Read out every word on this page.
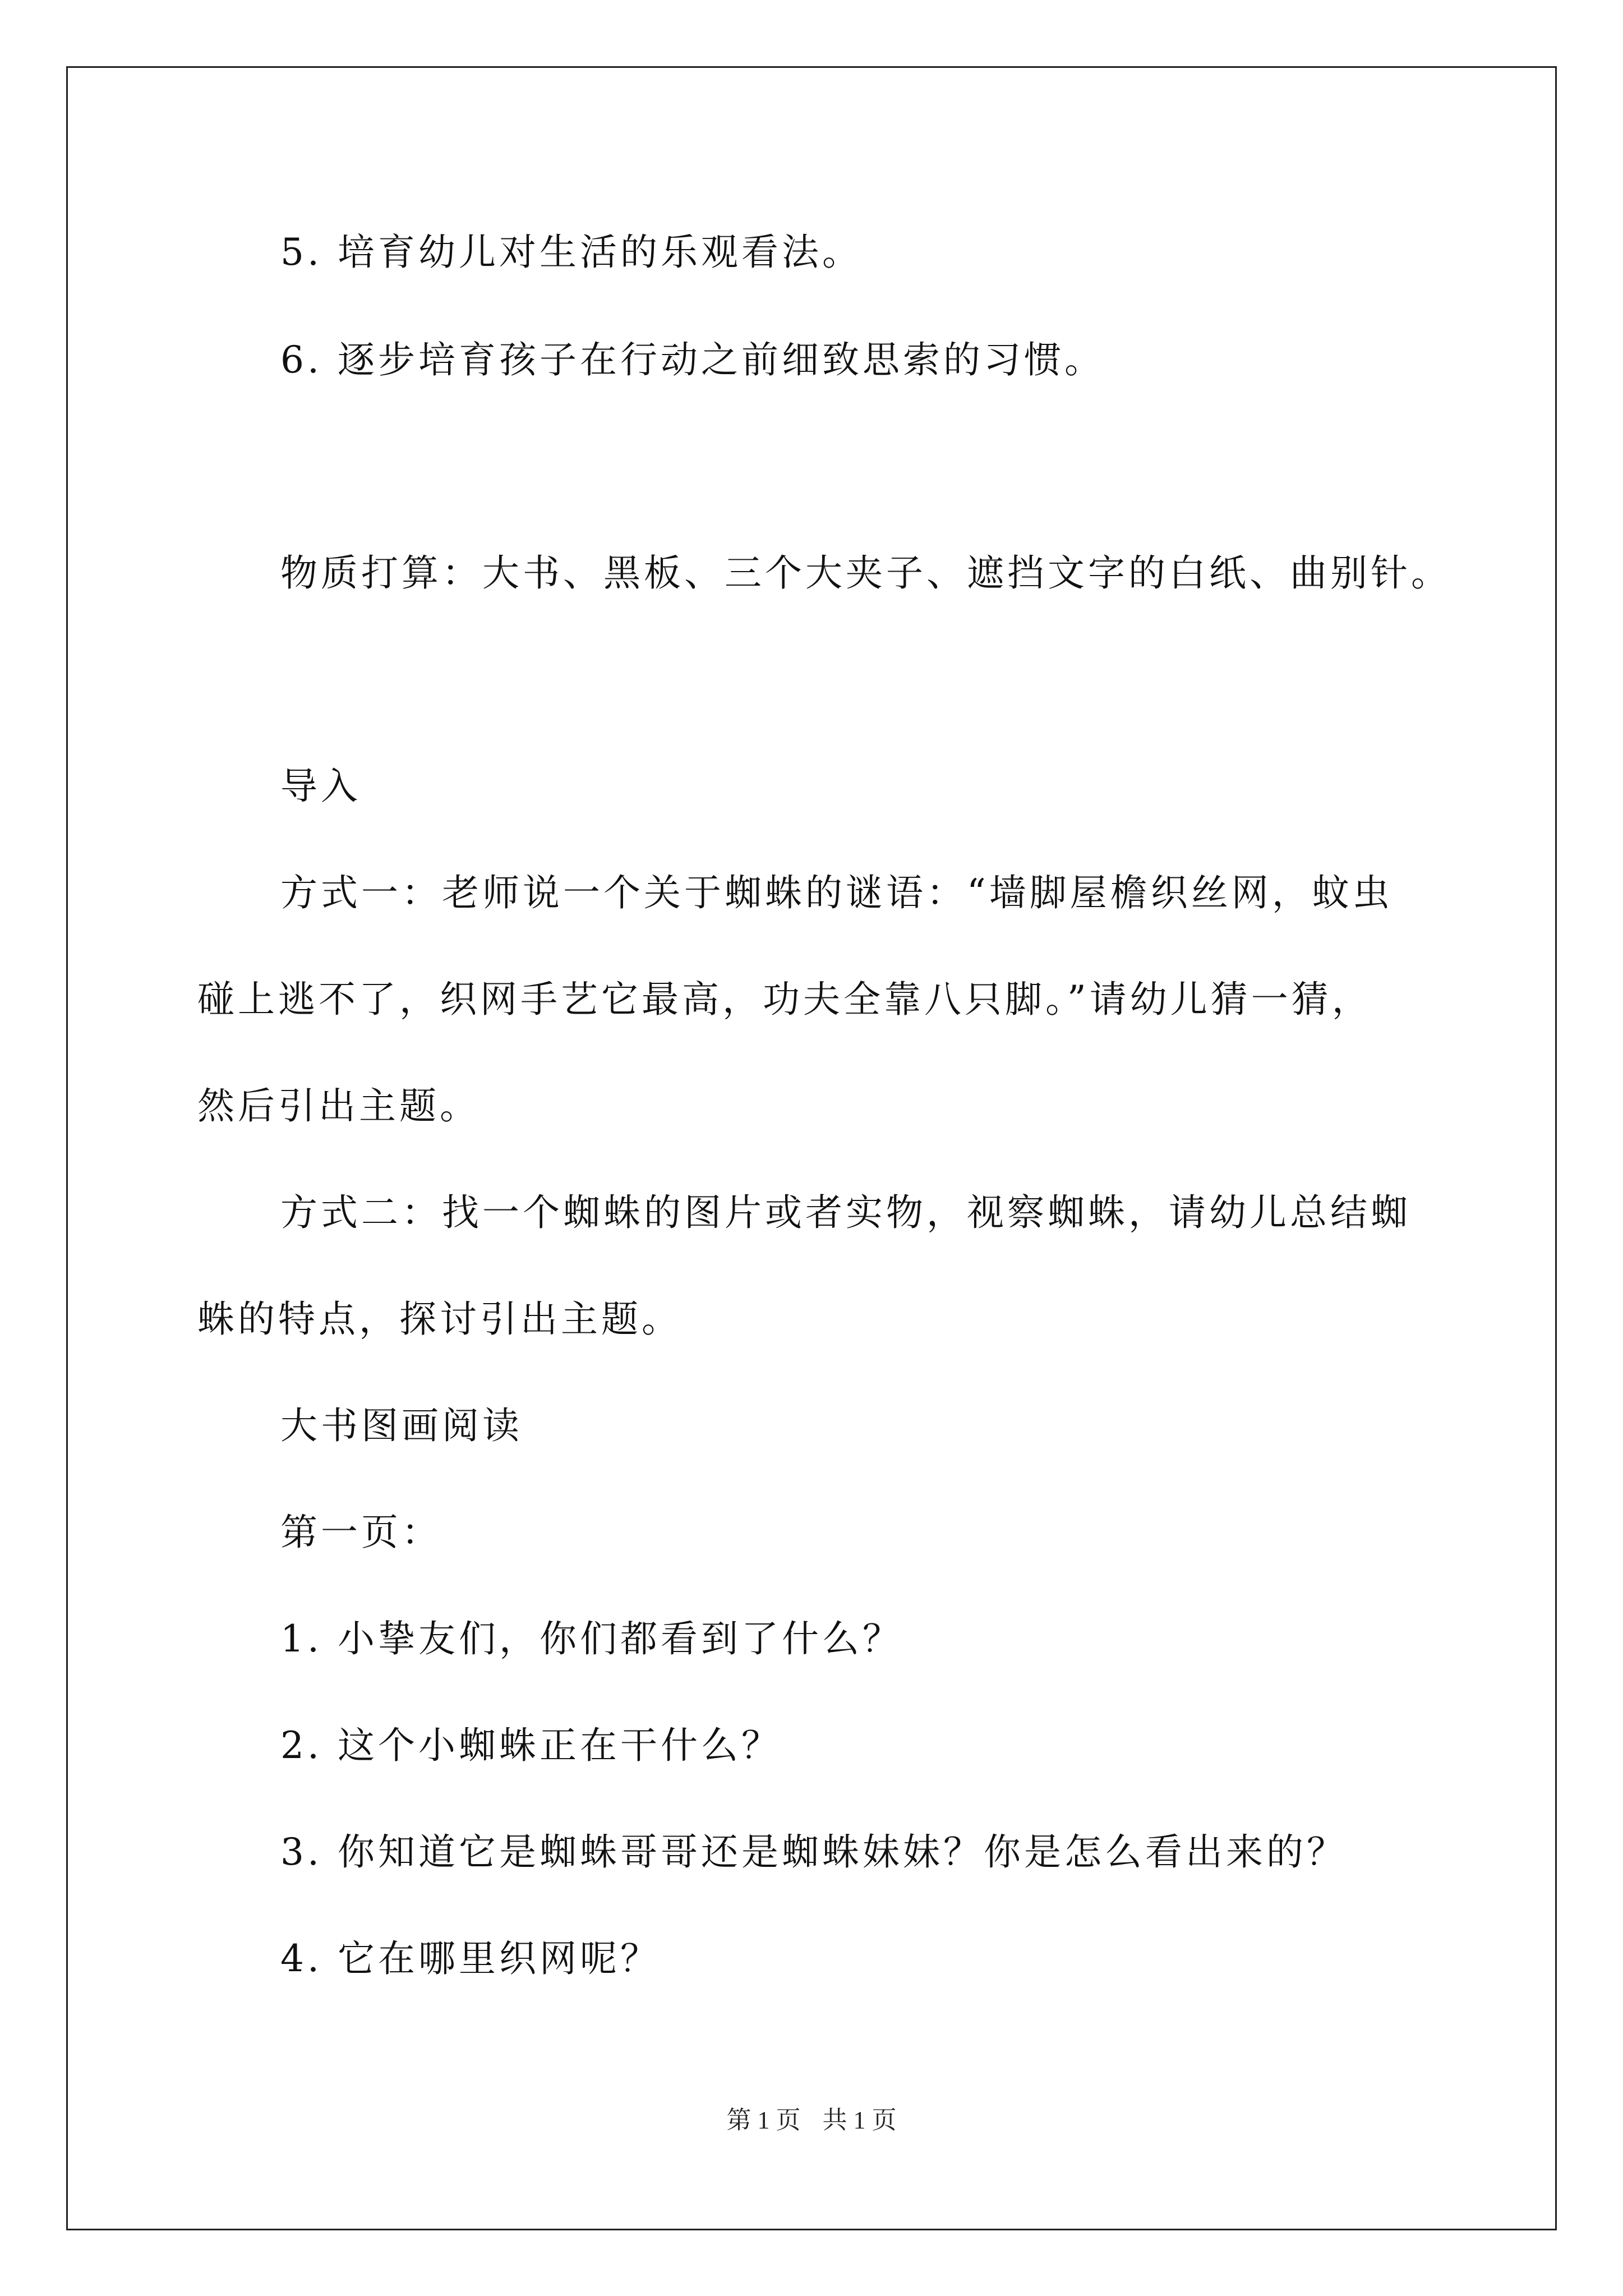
5. 培育幼儿对生活的乐观看法。
6. 逐步培育孩子在行动之前细致思索的习惯。
物质打算：大书、黑板、三个大夹子、遮挡文字的白纸、曲别针。
导入
方式一：老师说一个关于蜘蛛的谜语：“墙脚屋檐织丝网，蚊虫
碰上逃不了，织网手艺它最高，功夫全靠八只脚。”请幼儿猜一猜，
然后引出主题。
方式二：找一个蜘蛛的图片或者实物，视察蜘蛛，请幼儿总结蜘
蛛的特点，探讨引出主题。
大书图画阅读
第一页：
1. 小挚友们，你们都看到了什么？
2. 这个小蜘蛛正在干什么？
3. 你知道它是蜘蛛哥哥还是蜘蛛妹妹？你是怎么看出来的？
4. 它在哪里织网呢？
第 1 页 共 1 页
